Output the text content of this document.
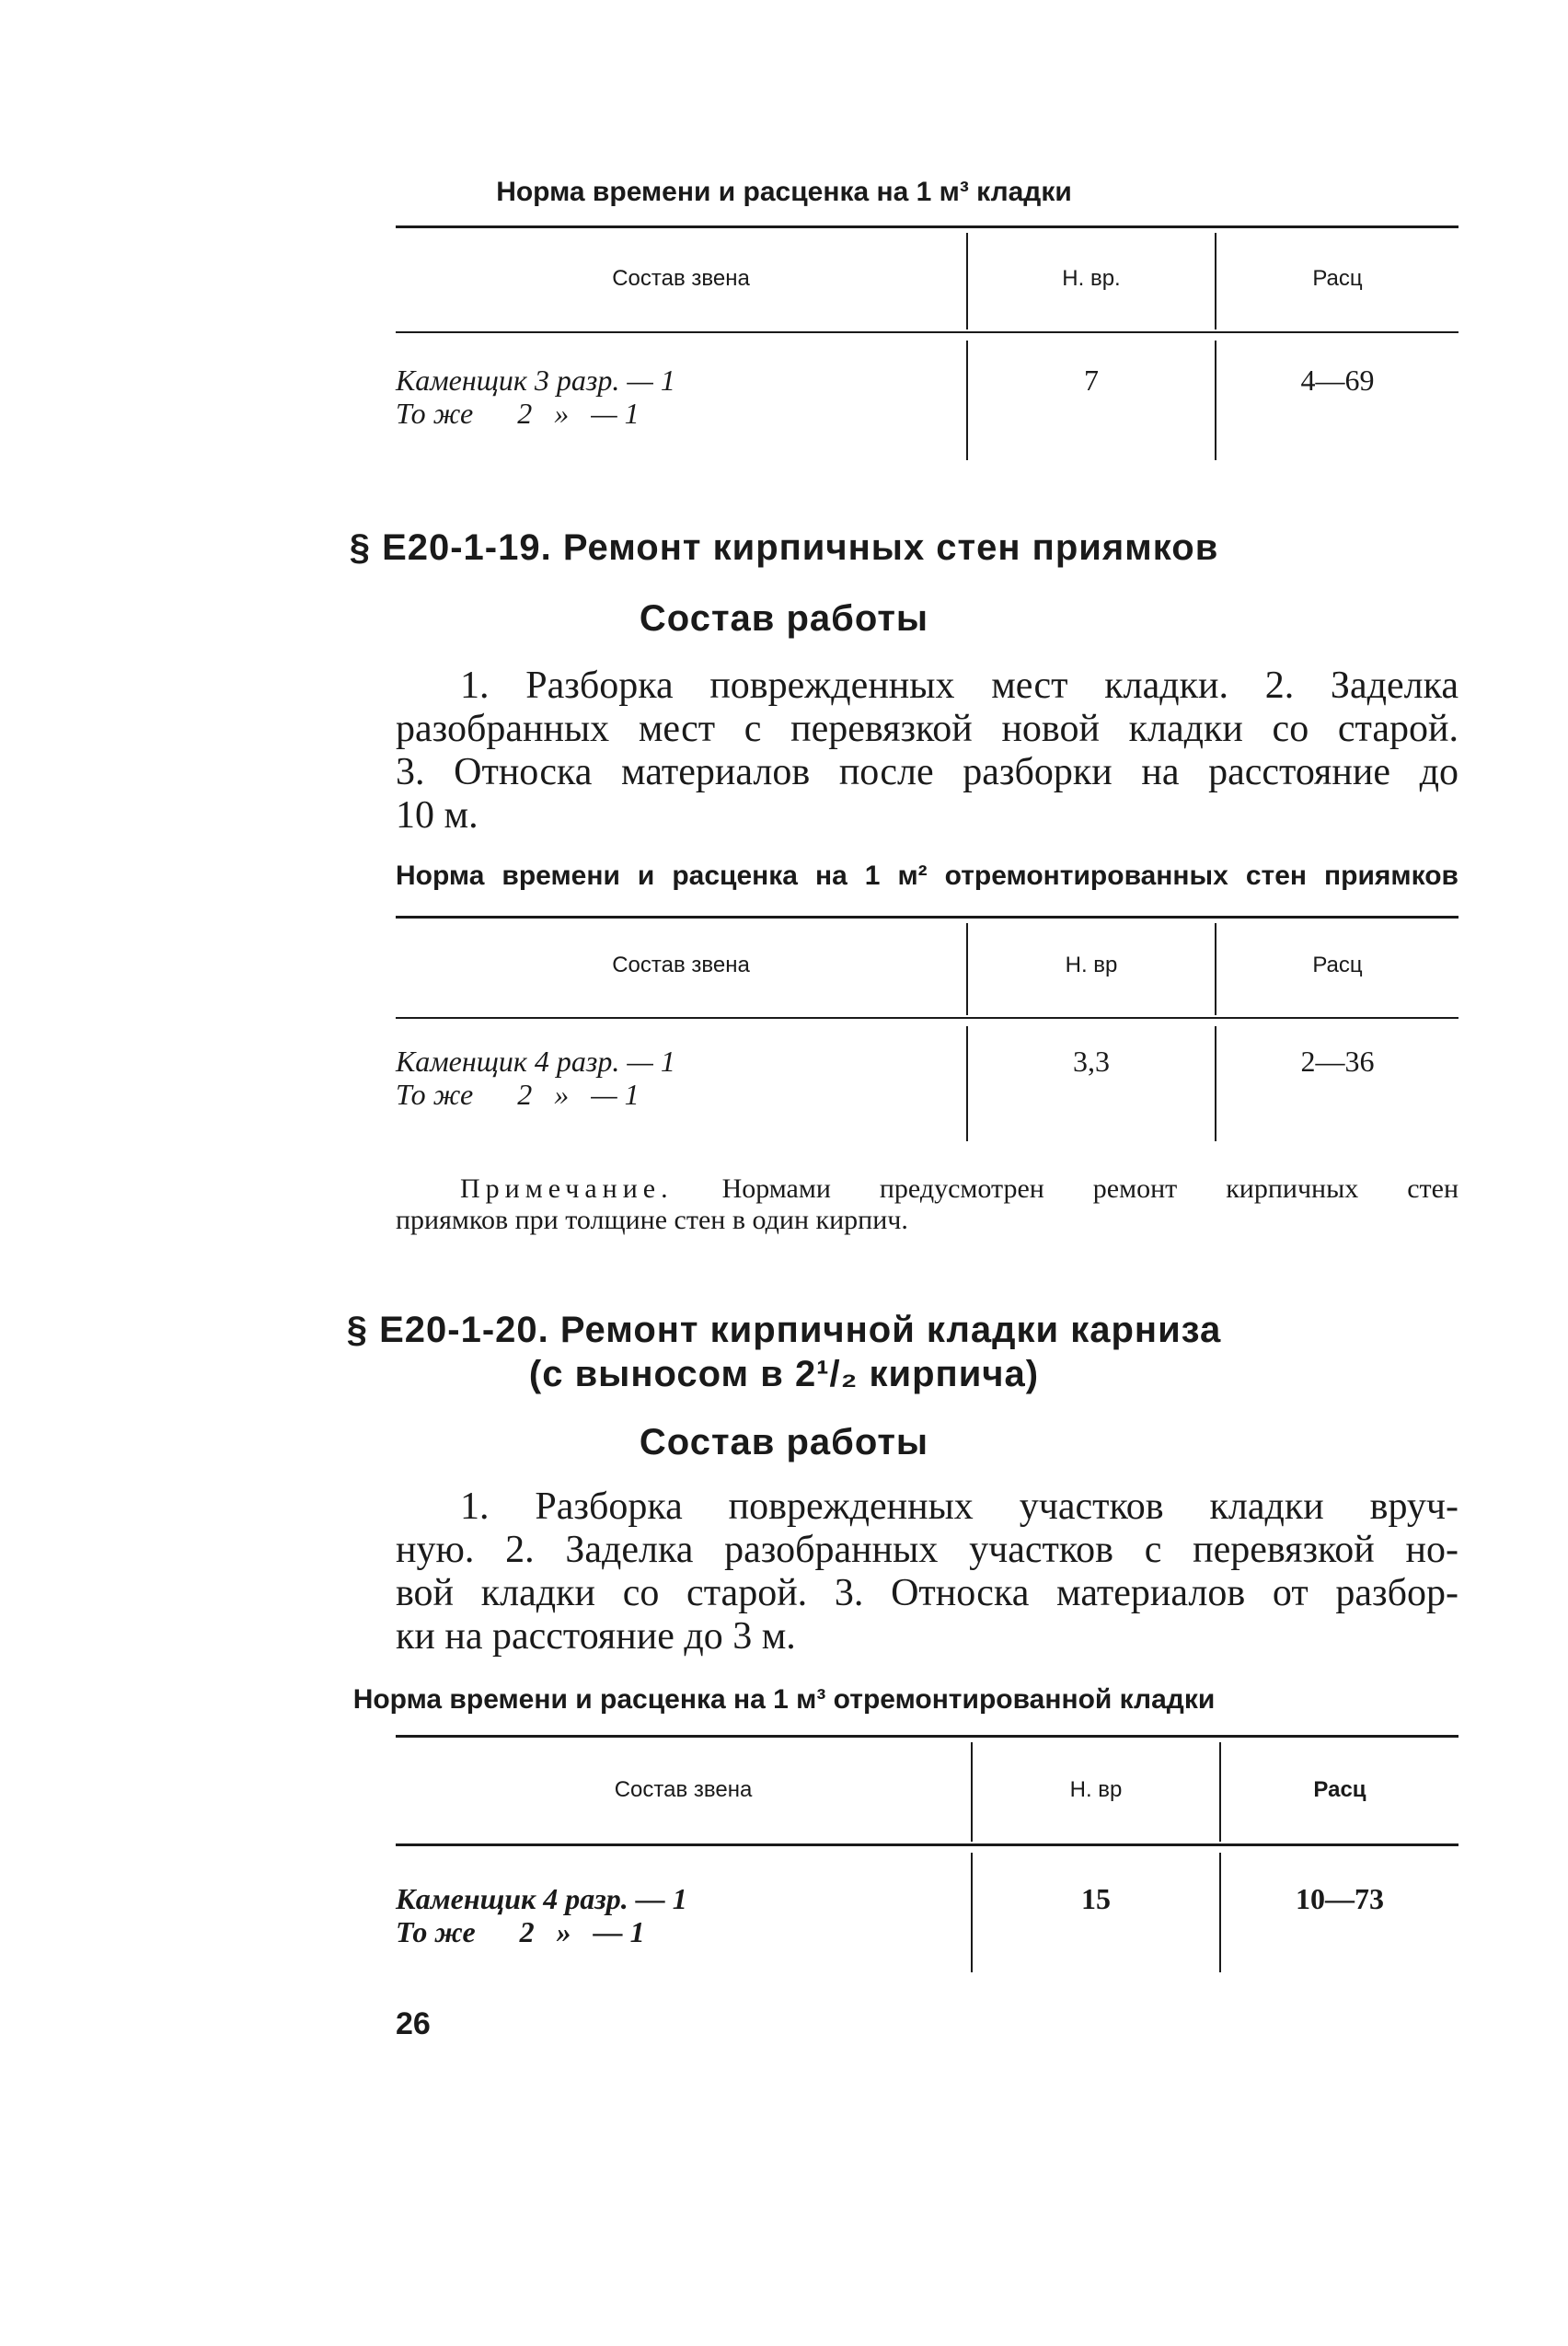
Норма времени и расценка на 1 м³ кладки
Состав звена	Н. вр.	Расц
Каменщик 3 разр. — 1
То же      2   »   — 1
7	4—69
§ Е20-1-19. Ремонт кирпичных стен приямков
Состав работы
1. Разборка поврежденных мест кладки. 2. Заделка
разобранных мест с перевязкой новой кладки со старой.
3. Относка материалов после разборки на расстояние до
10 м.
Норма времени и расценка на 1 м² отремонтированных стен приямков
Состав звена	Н. вр	Расц
Каменщик 4 разр. — 1
То же      2   »   — 1
3,3	2—36
Примечание. Нормами предусмотрен ремонт кирпичных стен
приямков при толщине стен в один кирпич.
§ Е20-1-20. Ремонт кирпичной кладки карниза
(с выносом в 2¹/₂ кирпича)
Состав работы
1. Разборка поврежденных участков кладки вруч-
ную. 2. Заделка разобранных участков с перевязкой но-
вой кладки со старой. 3. Относка материалов от разбор-
ки на расстояние до 3 м.
Норма времени и расценка на 1 м³ отремонтированной кладки
Состав звена	Н. вр	Расц
Каменщик 4 разр. — 1
То же      2   »   — 1
15	10—73
26
